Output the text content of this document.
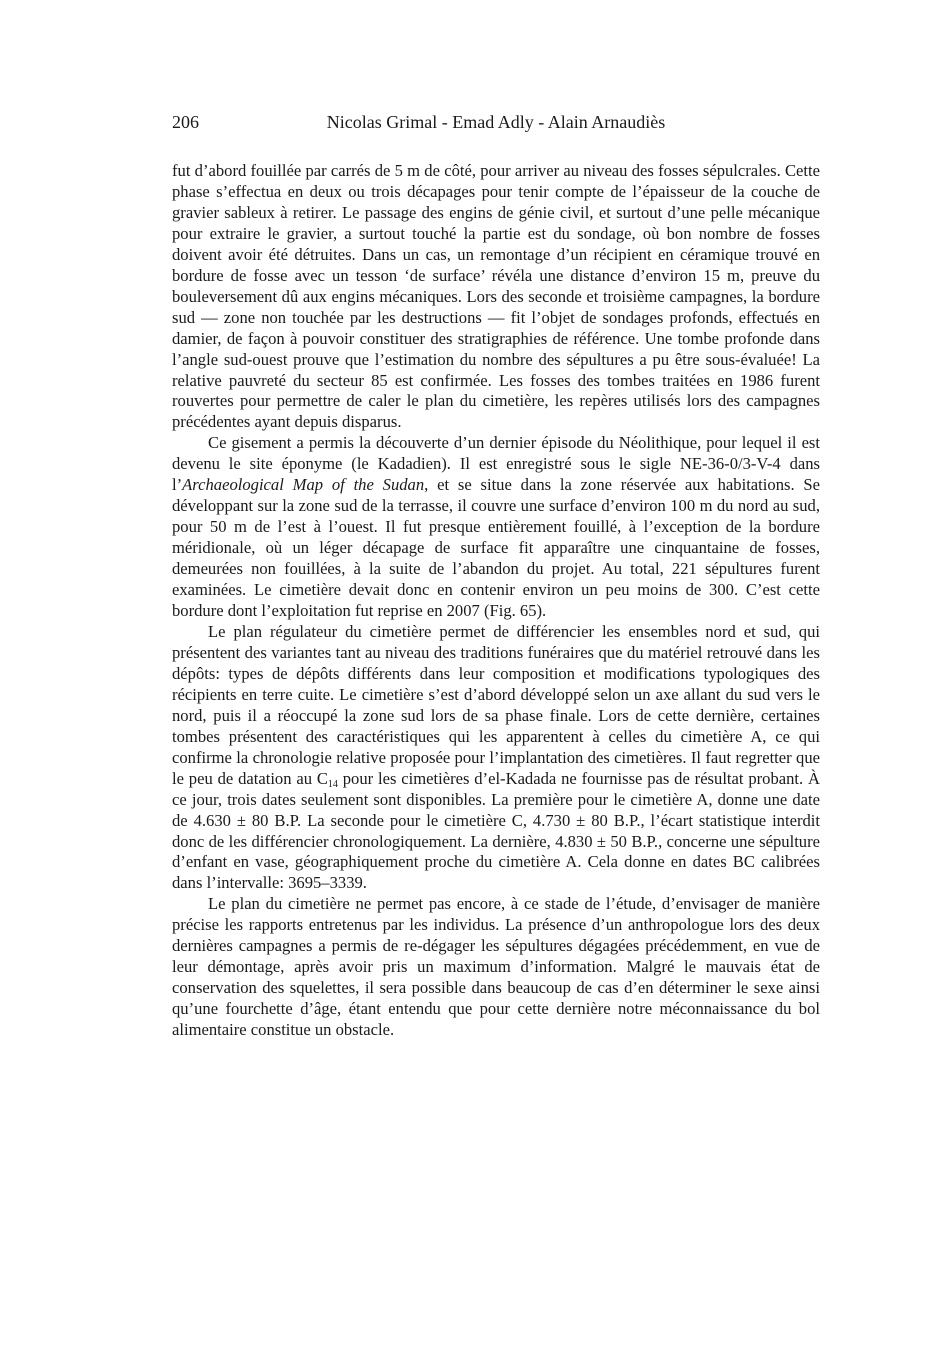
206	Nicolas Grimal - Emad Adly - Alain Arnaudiès

fut d’abord fouillée par carrés de 5 m de côté, pour arriver au niveau des fosses sépulcrales. Cette phase s’effectua en deux ou trois décapages pour tenir compte de l’épaisseur de la couche de gravier sableux à retirer. Le passage des engins de génie civil, et surtout d’une pelle mécanique pour extraire le gravier, a surtout touché la partie est du sondage, où bon nombre de fosses doivent avoir été détruites. Dans un cas, un remontage d’un récipient en céramique trouvé en bordure de fosse avec un tesson ‘de surface’ révéla une distance d’environ 15 m, preuve du bouleversement dû aux engins mécaniques. Lors des seconde et troisième campagnes, la bordure sud — zone non touchée par les destructions — fit l’objet de sondages profonds, effectués en damier, de façon à pouvoir constituer des stratigraphies de référence. Une tombe profonde dans l’angle sud-ouest prouve que l’estimation du nombre des sépultures a pu être sous-évaluée! La relative pauvreté du secteur 85 est confirmée. Les fosses des tombes traitées en 1986 furent rouvertes pour permettre de caler le plan du cimetière, les repères utilisés lors des campagnes précédentes ayant depuis disparus.

Ce gisement a permis la découverte d’un dernier épisode du Néolithique, pour lequel il est devenu le site éponyme (le Kadadien). Il est enregistré sous le sigle NE-36-0/3-V-4 dans l’Archaeological Map of the Sudan, et se situe dans la zone réservée aux habitations. Se développant sur la zone sud de la terrasse, il couvre une surface d’environ 100 m du nord au sud, pour 50 m de l’est à l’ouest. Il fut presque entièrement fouillé, à l’exception de la bordure méridionale, où un léger décapage de surface fit apparaître une cinquantaine de fosses, demeurées non fouillées, à la suite de l’abandon du projet. Au total, 221 sépultures furent examinées. Le cimetière devait donc en contenir environ un peu moins de 300. C’est cette bordure dont l’exploitation fut reprise en 2007 (Fig. 65).

Le plan régulateur du cimetière permet de différencier les ensembles nord et sud, qui présentent des variantes tant au niveau des traditions funéraires que du matériel retrouvé dans les dépôts: types de dépôts différents dans leur composition et modifications typologiques des récipients en terre cuite. Le cimetière s’est d’abord développé selon un axe allant du sud vers le nord, puis il a réoccupé la zone sud lors de sa phase finale. Lors de cette dernière, certaines tombes présentent des caractéristiques qui les apparentent à celles du cimetière A, ce qui confirme la chronologie relative proposée pour l’implantation des cimetières. Il faut regretter que le peu de datation au $C_{14}$ pour les cimetières d’el-Kadada ne fournisse pas de résultat probant. À ce jour, trois dates seulement sont disponibles. La première pour le cimetière A, donne une date de 4.630 ± 80 B.P. La seconde pour le cimetière C, 4.730 ± 80 B.P., l’écart statistique interdit donc de les différencier chronologiquement. La dernière, 4.830 ± 50 B.P., concerne une sépulture d’enfant en vase, géographiquement proche du cimetière A. Cela donne en dates BC calibrées dans l’intervalle: 3695–3339.

Le plan du cimetière ne permet pas encore, à ce stade de l’étude, d’envisager de manière précise les rapports entretenus par les individus. La présence d’un anthropologue lors des deux dernières campagnes a permis de re-dégager les sépultures dégagées précédemment, en vue de leur démontage, après avoir pris un maximum d’information. Malgré le mauvais état de conservation des squelettes, il sera possible dans beaucoup de cas d’en déterminer le sexe ainsi qu’une fourchette d’âge, étant entendu que pour cette dernière notre méconnaissance du bol alimentaire constitue un obstacle.
